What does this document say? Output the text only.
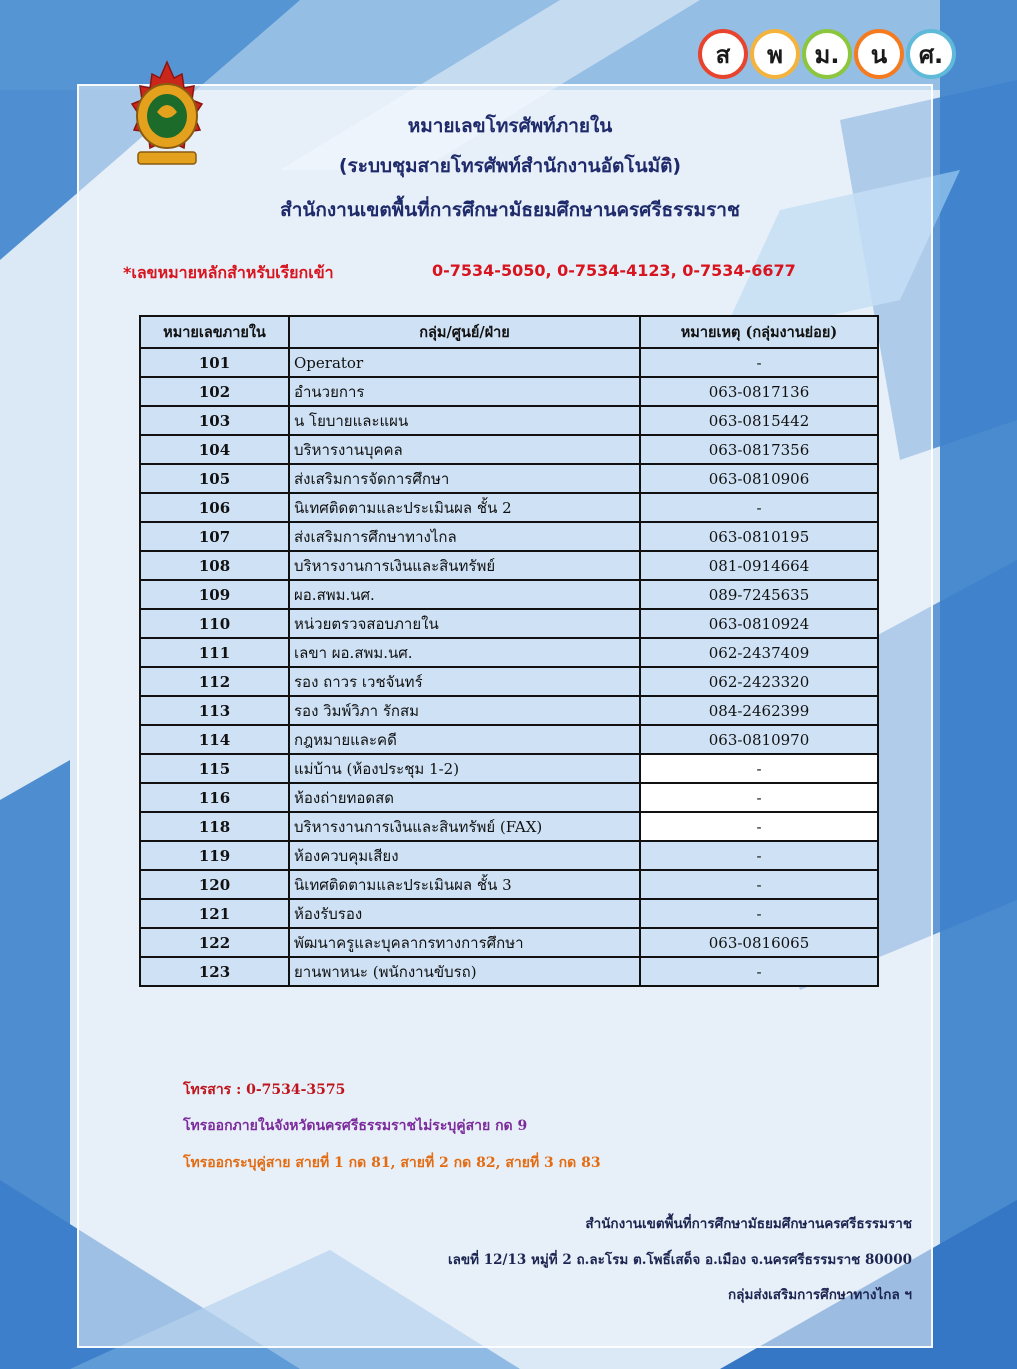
ส พ ม. น ศ.
หมายเลขโทรศัพท์ภายใน
(ระบบชุมสายโทรศัพท์สำนักงานอัตโนมัติ)
สำนักงานเขตพื้นที่การศึกษามัธยมศึกษานครศรีธรรมราช
*เลขหมายหลักสำหรับเรียกเข้า	0-7534-5050, 0-7534-4123, 0-7534-6677
หมายเลขภายใน	กลุ่ม/ศูนย์/ฝ่าย	หมายเหตุ (กลุ่มงานย่อย)
101	Operator	-
102	อำนวยการ	063-0817136
103	น โยบายและแผน	063-0815442
104	บริหารงานบุคคล	063-0817356
105	ส่งเสริมการจัดการศึกษา	063-0810906
106	นิเทศติดตามและประเมินผล ชั้น 2	-
107	ส่งเสริมการศึกษาทางไกล	063-0810195
108	บริหารงานการเงินและสินทรัพย์	081-0914664
109	ผอ.สพม.นศ.	089-7245635
110	หน่วยตรวจสอบภายใน	063-0810924
111	เลขา ผอ.สพม.นศ.	062-2437409
112	รอง ถาวร เวชจันทร์	062-2423320
113	รอง วิมพ์วิภา รักสม	084-2462399
114	กฎหมายและคดี	063-0810970
115	แม่บ้าน (ห้องประชุม 1-2)	-
116	ห้องถ่ายทอดสด	-
118	บริหารงานการเงินและสินทรัพย์ (FAX)	-
119	ห้องควบคุมเสียง	-
120	นิเทศติดตามและประเมินผล ชั้น 3	-
121	ห้องรับรอง	-
122	พัฒนาครูและบุคลากรทางการศึกษา	063-0816065
123	ยานพาหนะ (พนักงานขับรถ)	-
โทรสาร : 0-7534-3575
โทรออกภายในจังหวัดนครศรีธรรมราชไม่ระบุคู่สาย กด 9
โทรออกระบุคู่สาย สายที่ 1 กด 81, สายที่ 2 กด 82, สายที่ 3 กด 83
สำนักงานเขตพื้นที่การศึกษามัธยมศึกษานครศรีธรรมราช
เลขที่ 12/13 หมู่ที่ 2 ถ.ละโรม ต.โพธิ์เสด็จ อ.เมือง จ.นครศรีธรรมราช 80000
กลุ่มส่งเสริมการศึกษาทางไกล ฯ
